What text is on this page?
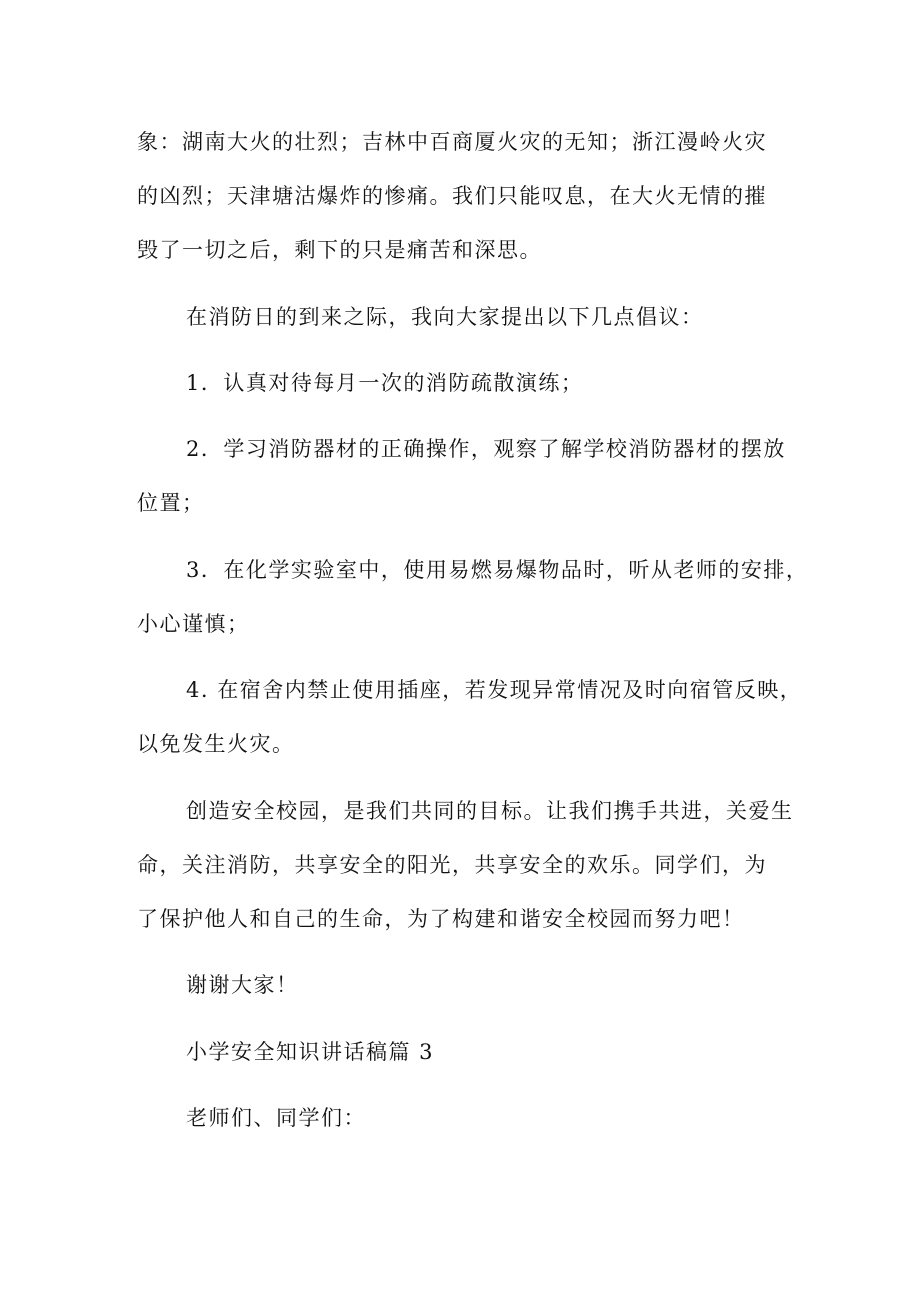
象：湖南大火的壮烈；吉林中百商厦火灾的无知；浙江漫岭火灾
的凶烈；天津塘沽爆炸的惨痛。我们只能叹息，在大火无情的摧
毁了一切之后，剩下的只是痛苦和深思。
在消防日的到来之际，我向大家提出以下几点倡议：
1．认真对待每月一次的消防疏散演练；
2．学习消防器材的正确操作，观察了解学校消防器材的摆放
位置；
3．在化学实验室中，使用易燃易爆物品时，听从老师的安排，
小心谨慎；
4. 在宿舍内禁止使用插座，若发现异常情况及时向宿管反映，
以免发生火灾。
创造安全校园，是我们共同的目标。让我们携手共进，关爱生
命，关注消防，共享安全的阳光，共享安全的欢乐。同学们，为
了保护他人和自己的生命，为了构建和谐安全校园而努力吧！
谢谢大家！
小学安全知识讲话稿篇 3
老师们、同学们：
